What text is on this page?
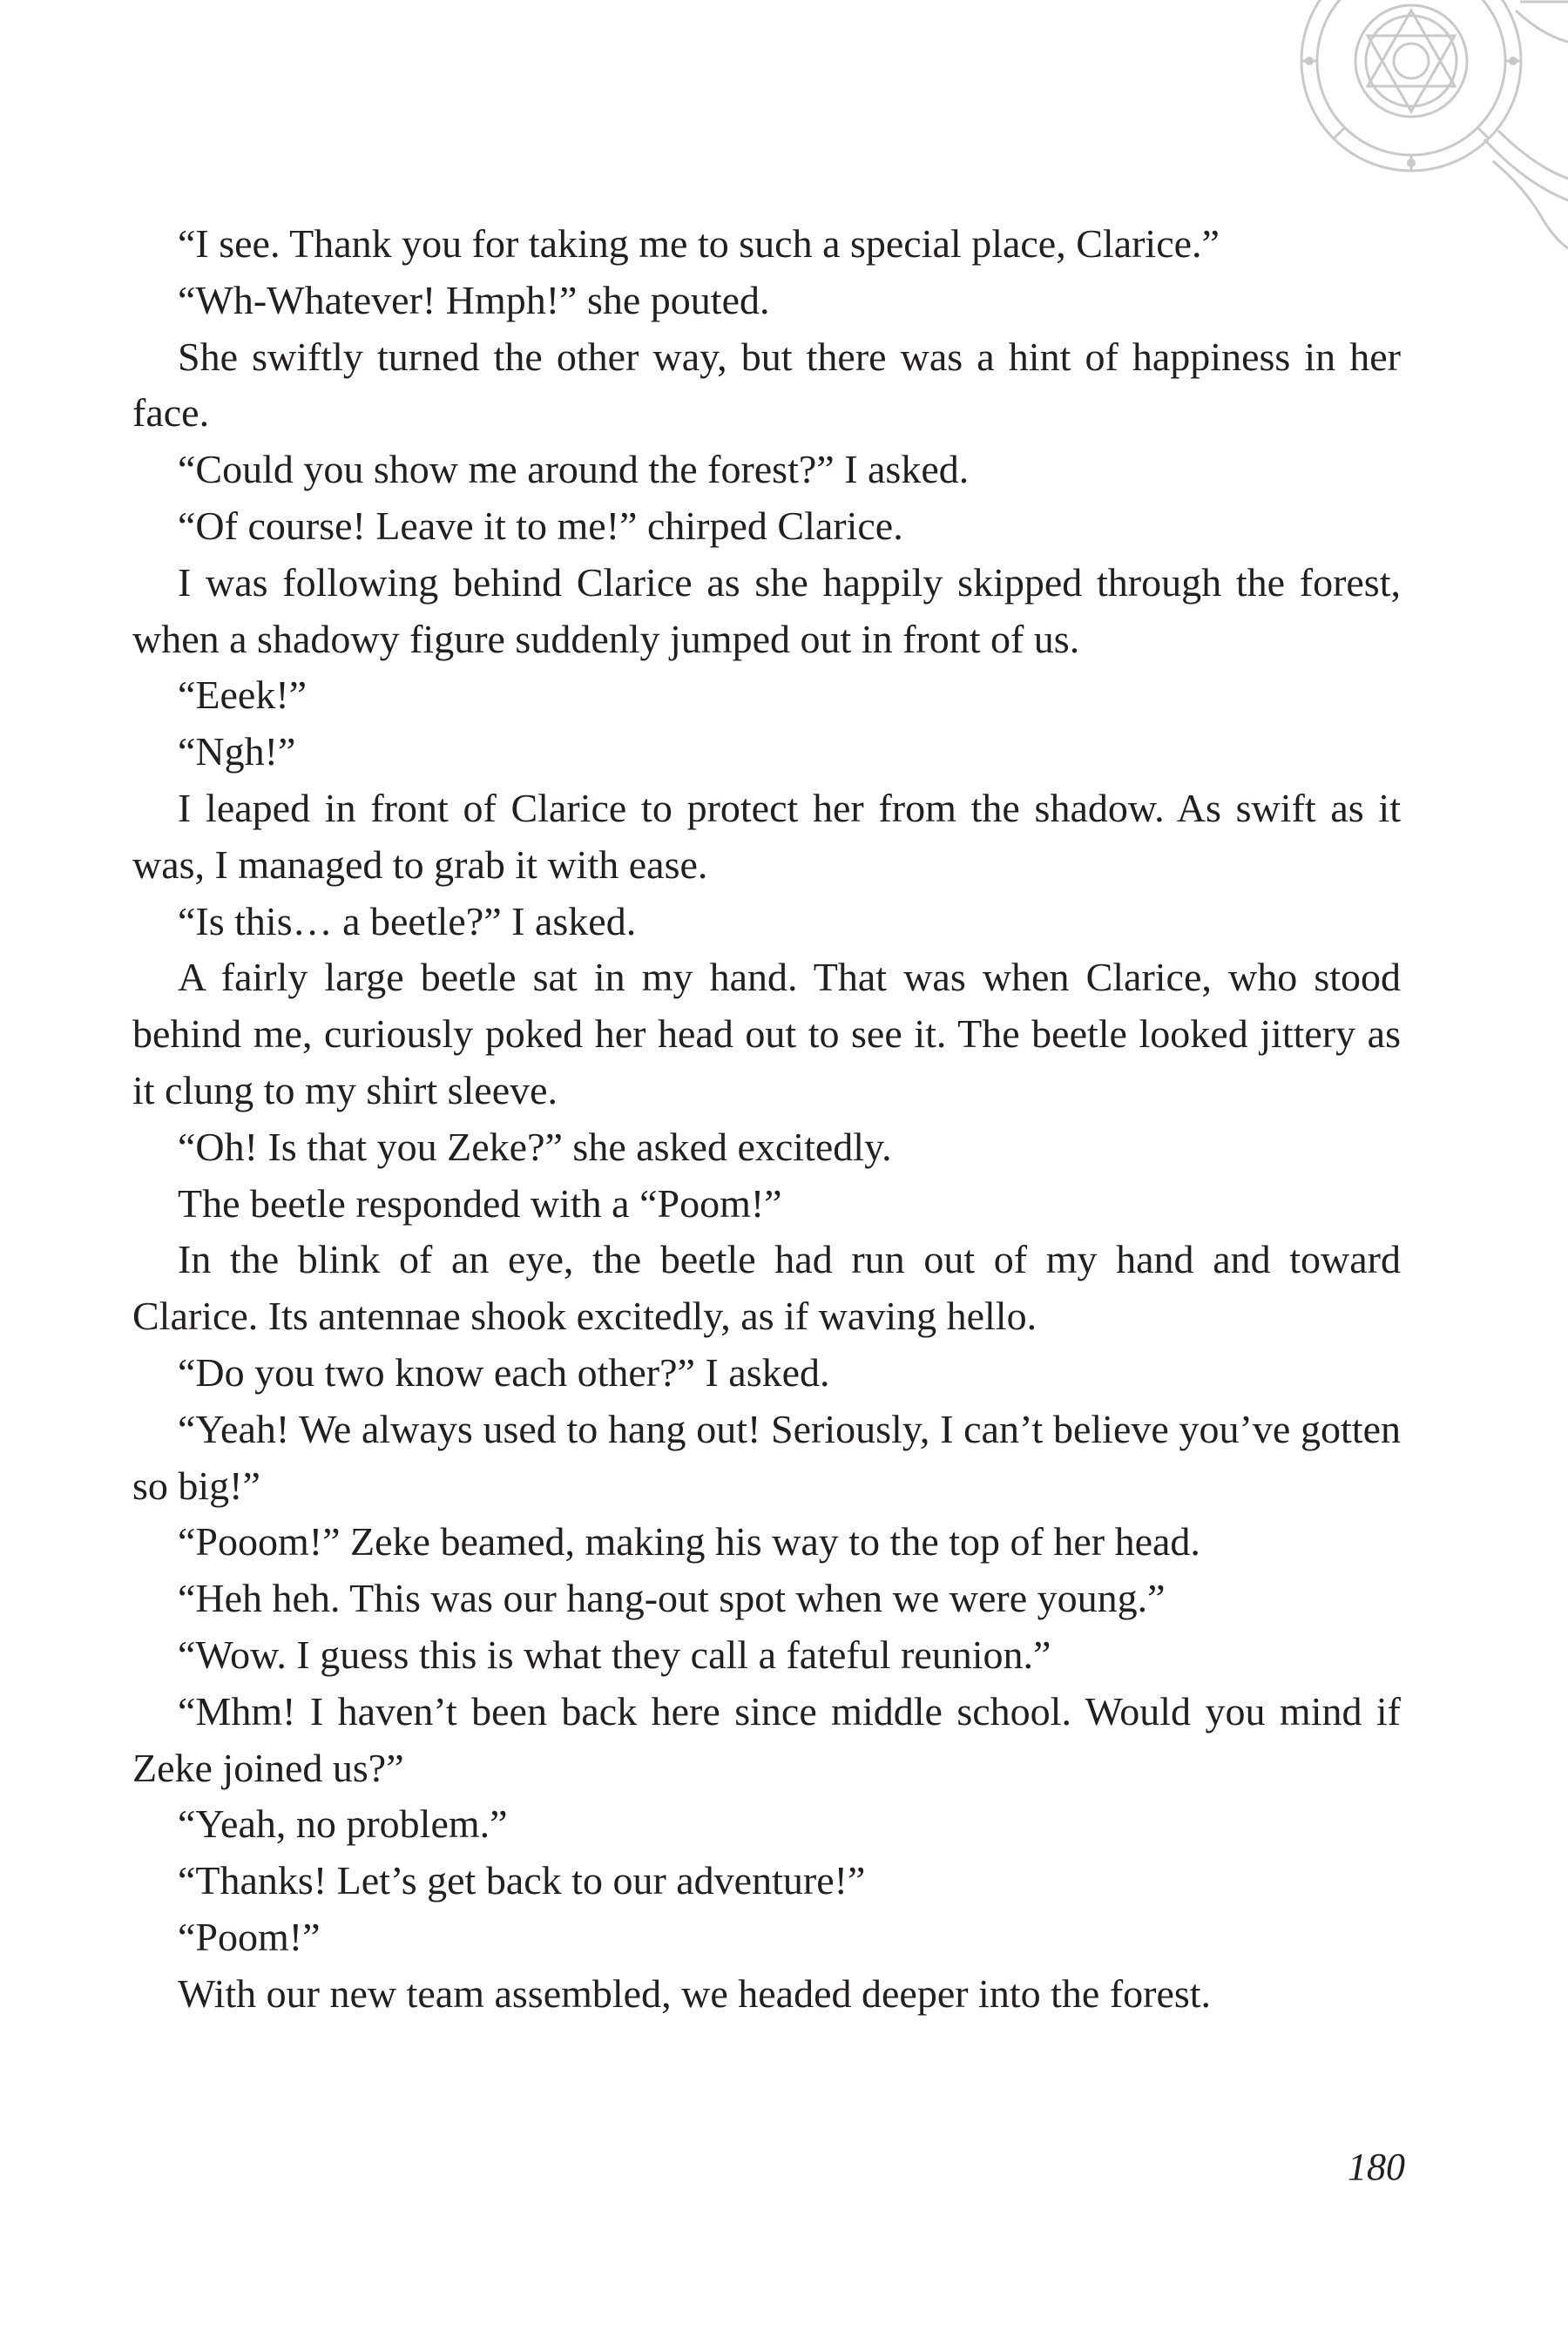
“I see. Thank you for taking me to such a special place, Clarice.”

“Wh-Whatever! Hmph!” she pouted.

She swiftly turned the other way, but there was a hint of happiness in her face.

“Could you show me around the forest?” I asked.

“Of course! Leave it to me!” chirped Clarice.

I was following behind Clarice as she happily skipped through the forest, when a shadowy figure suddenly jumped out in front of us.

“Eeek!”

“Ngh!”

I leaped in front of Clarice to protect her from the shadow. As swift as it was, I managed to grab it with ease.

“Is this… a beetle?” I asked.

A fairly large beetle sat in my hand. That was when Clarice, who stood behind me, curiously poked her head out to see it. The beetle looked jittery as it clung to my shirt sleeve.

“Oh! Is that you Zeke?” she asked excitedly.

The beetle responded with a “Poom!”

In the blink of an eye, the beetle had run out of my hand and toward Clarice. Its antennae shook excitedly, as if waving hello.

“Do you two know each other?” I asked.

“Yeah! We always used to hang out! Seriously, I can’t believe you’ve gotten so big!”

“Pooom!” Zeke beamed, making his way to the top of her head.

“Heh heh. This was our hang-out spot when we were young.”

“Wow. I guess this is what they call a fateful reunion.”

“Mhm! I haven’t been back here since middle school. Would you mind if Zeke joined us?”

“Yeah, no problem.”

“Thanks! Let’s get back to our adventure!”

“Poom!”

With our new team assembled, we headed deeper into the forest.

180
